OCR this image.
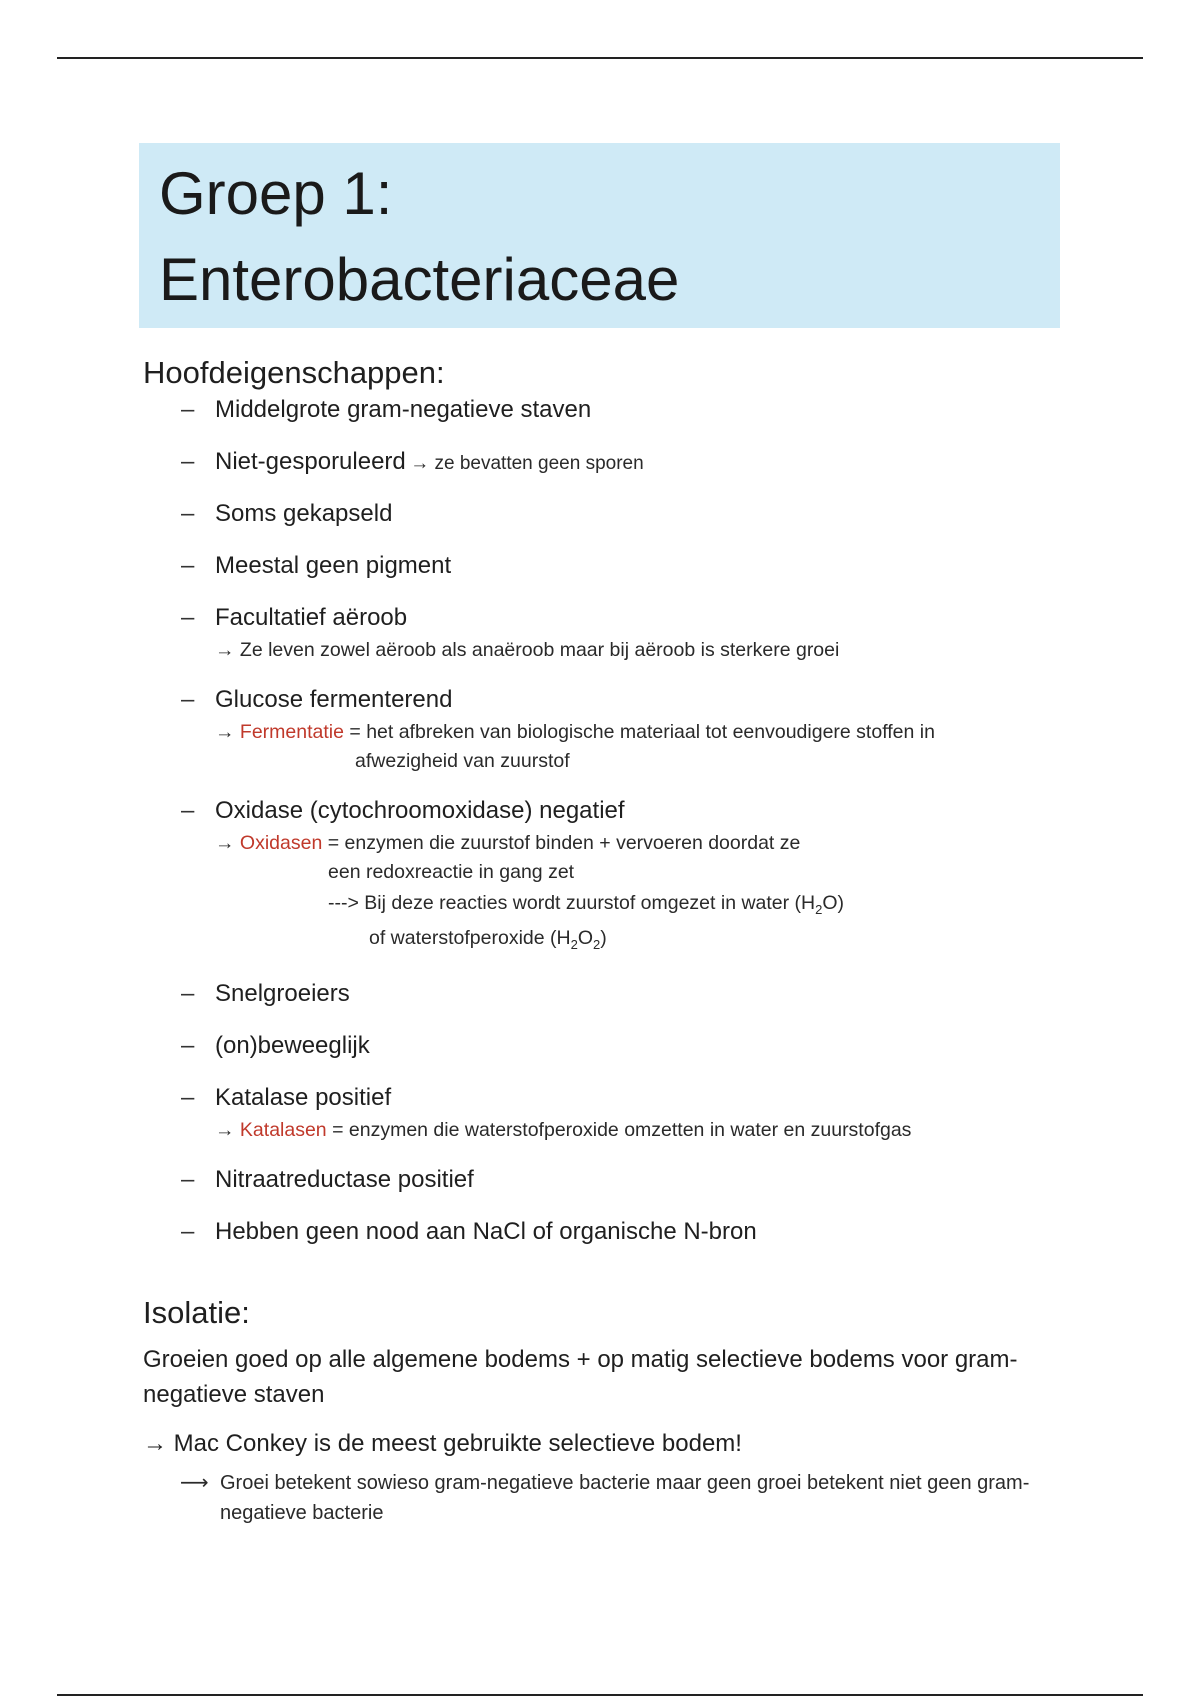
Groep 1:
Enterobacteriaceae
Hoofdeigenschappen:
– Middelgrote gram-negatieve staven
– Niet-gesporuleerd → ze bevatten geen sporen
– Soms gekapseld
– Meestal geen pigment
– Facultatief aëroob
→ Ze leven zowel aëroob als anaëroob maar bij aëroob is sterkere groei
– Glucose fermenterend
→ Fermentatie = het afbreken van biologische materiaal tot eenvoudigere stoffen in
afwezigheid van zuurstof
– Oxidase (cytochroomoxidase) negatief
→ Oxidasen = enzymen die zuurstof binden + vervoeren doordat ze
een redoxreactie in gang zet
---> Bij deze reacties wordt zuurstof omgezet in water $(H_2O)$
of waterstofperoxide $(H_2O_2)$
– Snelgroeiers
– (on)beweeglijk
– Katalase positief
→ Katalasen = enzymen die waterstofperoxide omzetten in water en zuurstofgas
– Nitraatreductase positief
– Hebben geen nood aan NaCl of organische N-bron
Isolatie:
Groeien goed op alle algemene bodems + op matig selectieve bodems voor gram-negatieve staven
→ Mac Conkey is de meest gebruikte selectieve bodem!
⟶ Groei betekent sowieso gram-negatieve bacterie maar geen groei betekent niet geen gram-negatieve bacterie
